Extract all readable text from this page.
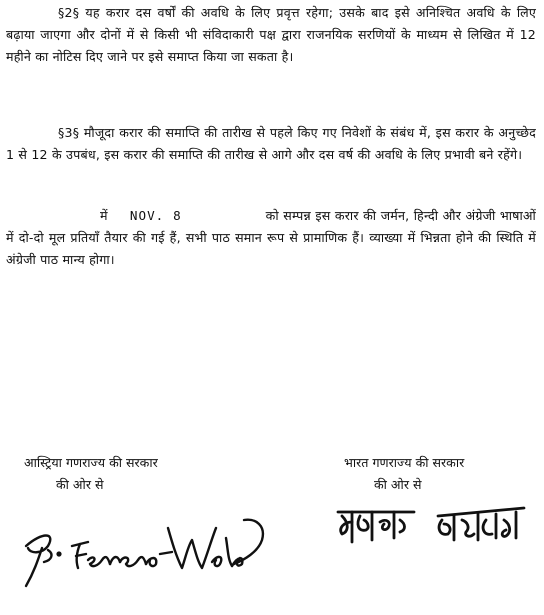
§2§ यह करार दस वर्षों की अवधि के लिए प्रवृत्त रहेगा; उसके बाद इसे अनिश्चित अवधि के लिए बढ़ाया जाएगा और दोनों में से किसी भी संविदाकारी पक्ष द्वारा राजनयिक सरणियों के माध्यम से लिखित में 12 महीने का नोटिस दिए जाने पर इसे समाप्त किया जा सकता है।

§3§ मौजूदा करार की समाप्ति की तारीख से पहले किए गए निवेशों के संबंध में, इस करार के अनुच्छेद 1 से 12 के उपबंध, इस करार की समाप्ति की तारीख से आगे और दस वर्ष की अवधि के लिए प्रभावी बने रहेंगे।

में NOV. 8	को सम्पन्न इस करार की जर्मन, हिन्दी और अंग्रेजी भाषाओं में दो-दो मूल प्रतियाँ तैयार की गई हैं, सभी पाठ समान रूप से प्रामाणिक हैं। व्याख्या में भिन्नता होने की स्थिति में अंग्रेजी पाठ मान्य होगा।

आस्ट्रिया गणराज्य की सरकार
की ओर से
भारत गणराज्य की सरकार
की ओर से
